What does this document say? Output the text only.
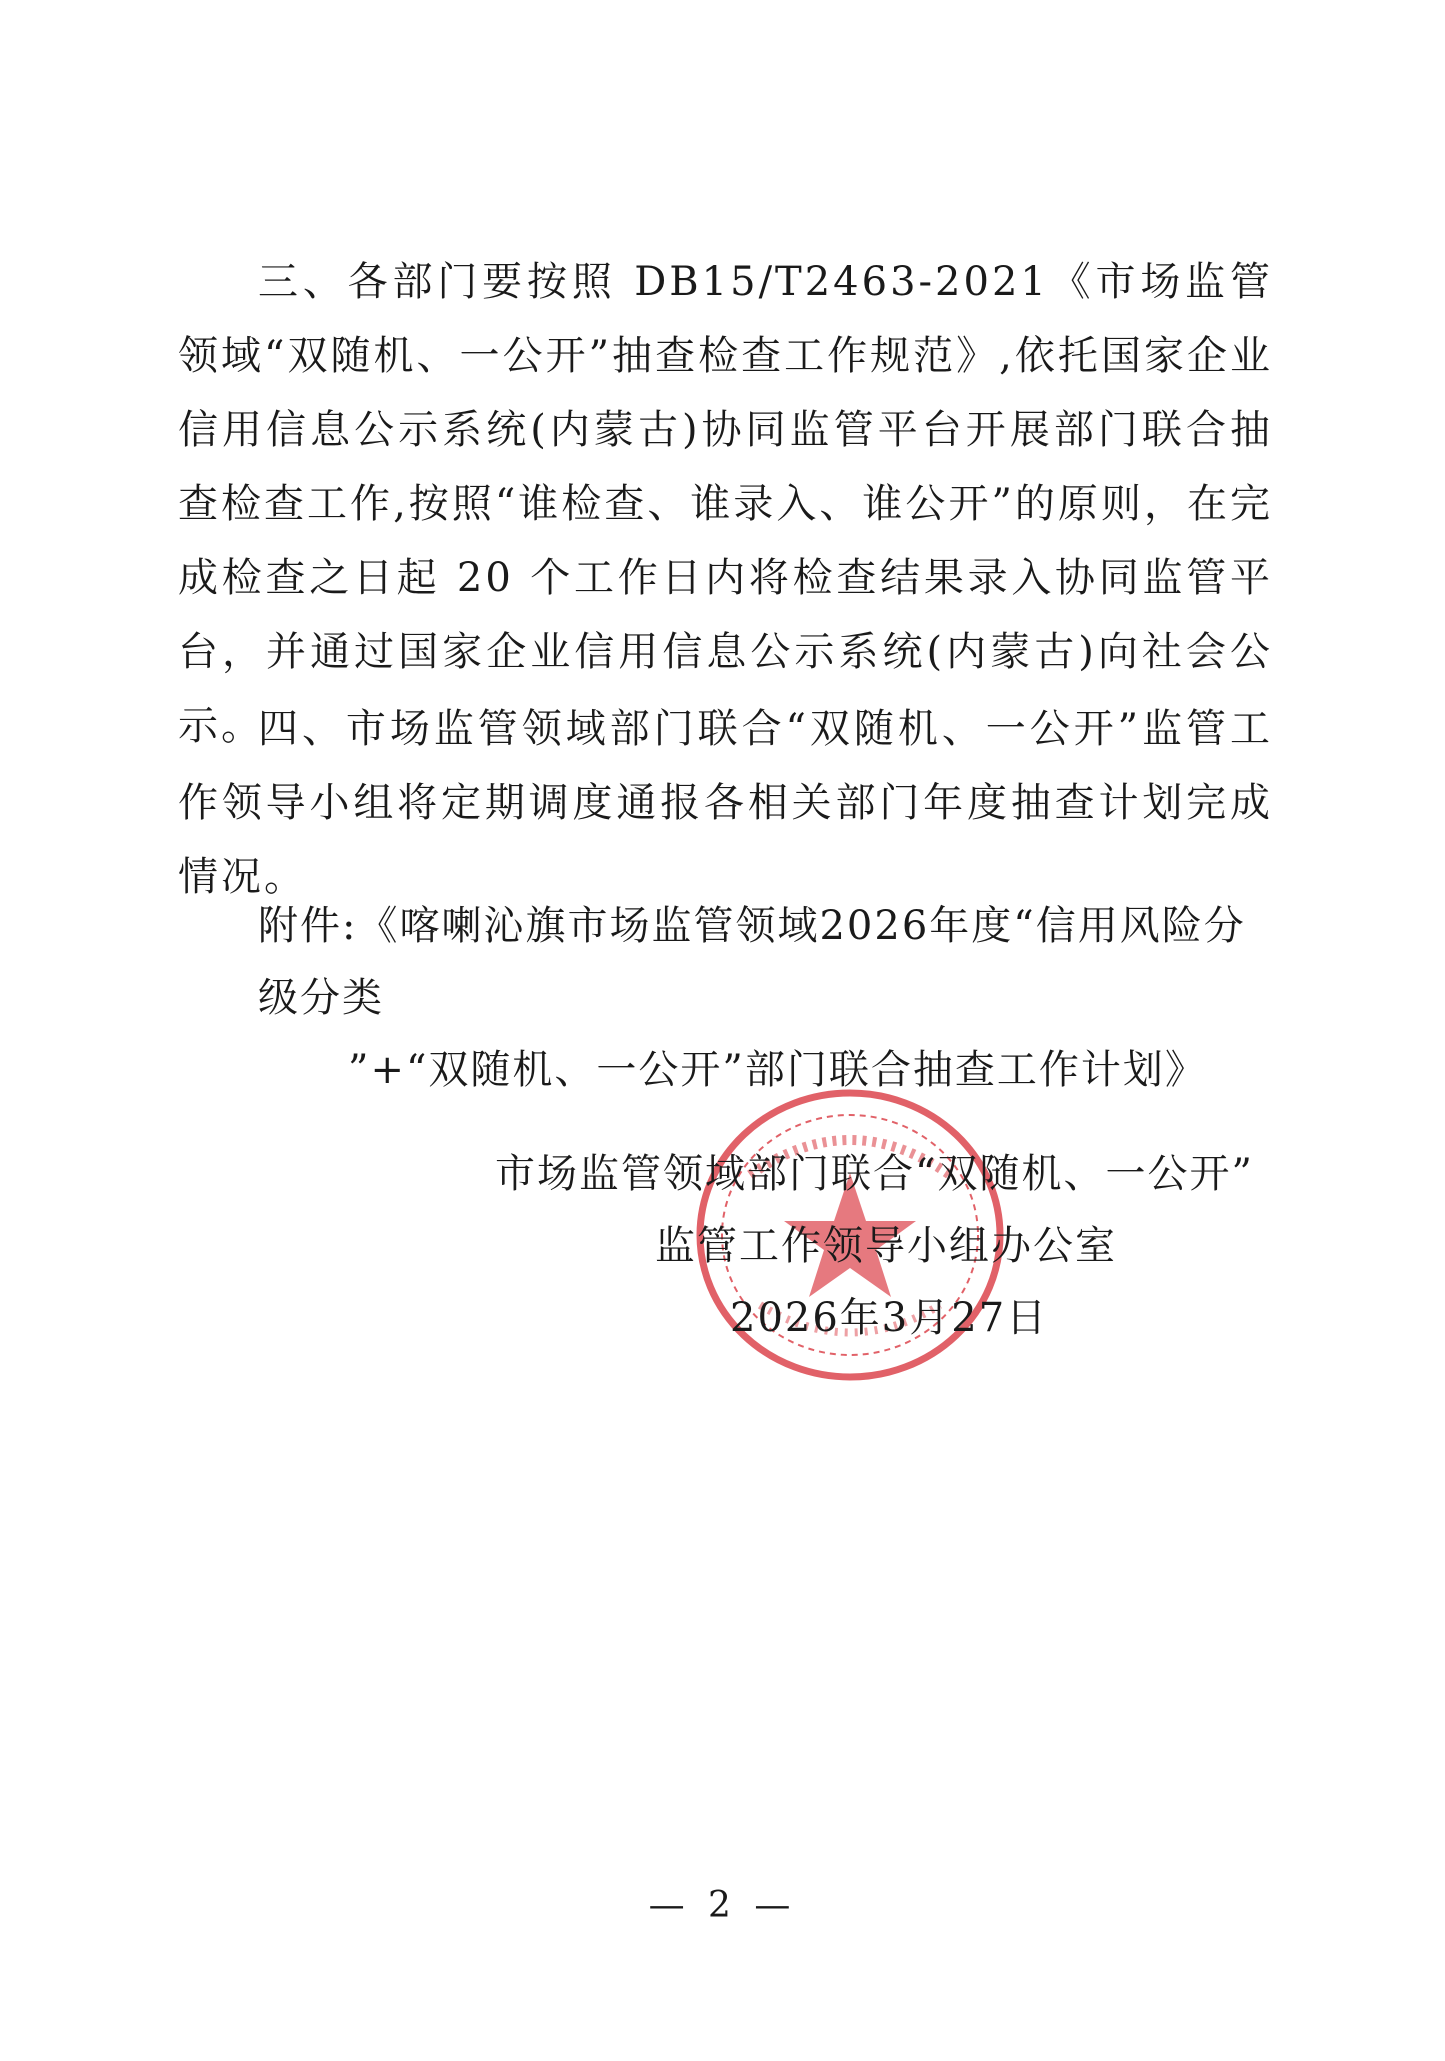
三、各部门要按照 DB15/T2463-2021《市场监管领域“双随机、一公开”抽查检查工作规范》,依托国家企业信用信息公示系统(内蒙古)协同监管平台开展部门联合抽查检查工作,按照“谁检查、谁录入、谁公开”的原则，在完成检查之日起 20 个工作日内将检查结果录入协同监管平台，并通过国家企业信用信息公示系统(内蒙古)向社会公示。

四、市场监管领域部门联合“双随机、一公开”监管工作领导小组将定期调度通报各相关部门年度抽查计划完成情况。

附件:《喀喇沁旗市场监管领域2026年度“信用风险分级分类
”+“双随机、一公开”部门联合抽查工作计划》
市场监管领域部门联合“双随机、一公开”
监管工作领导小组办公室
2026年3月27日
— 2 —
